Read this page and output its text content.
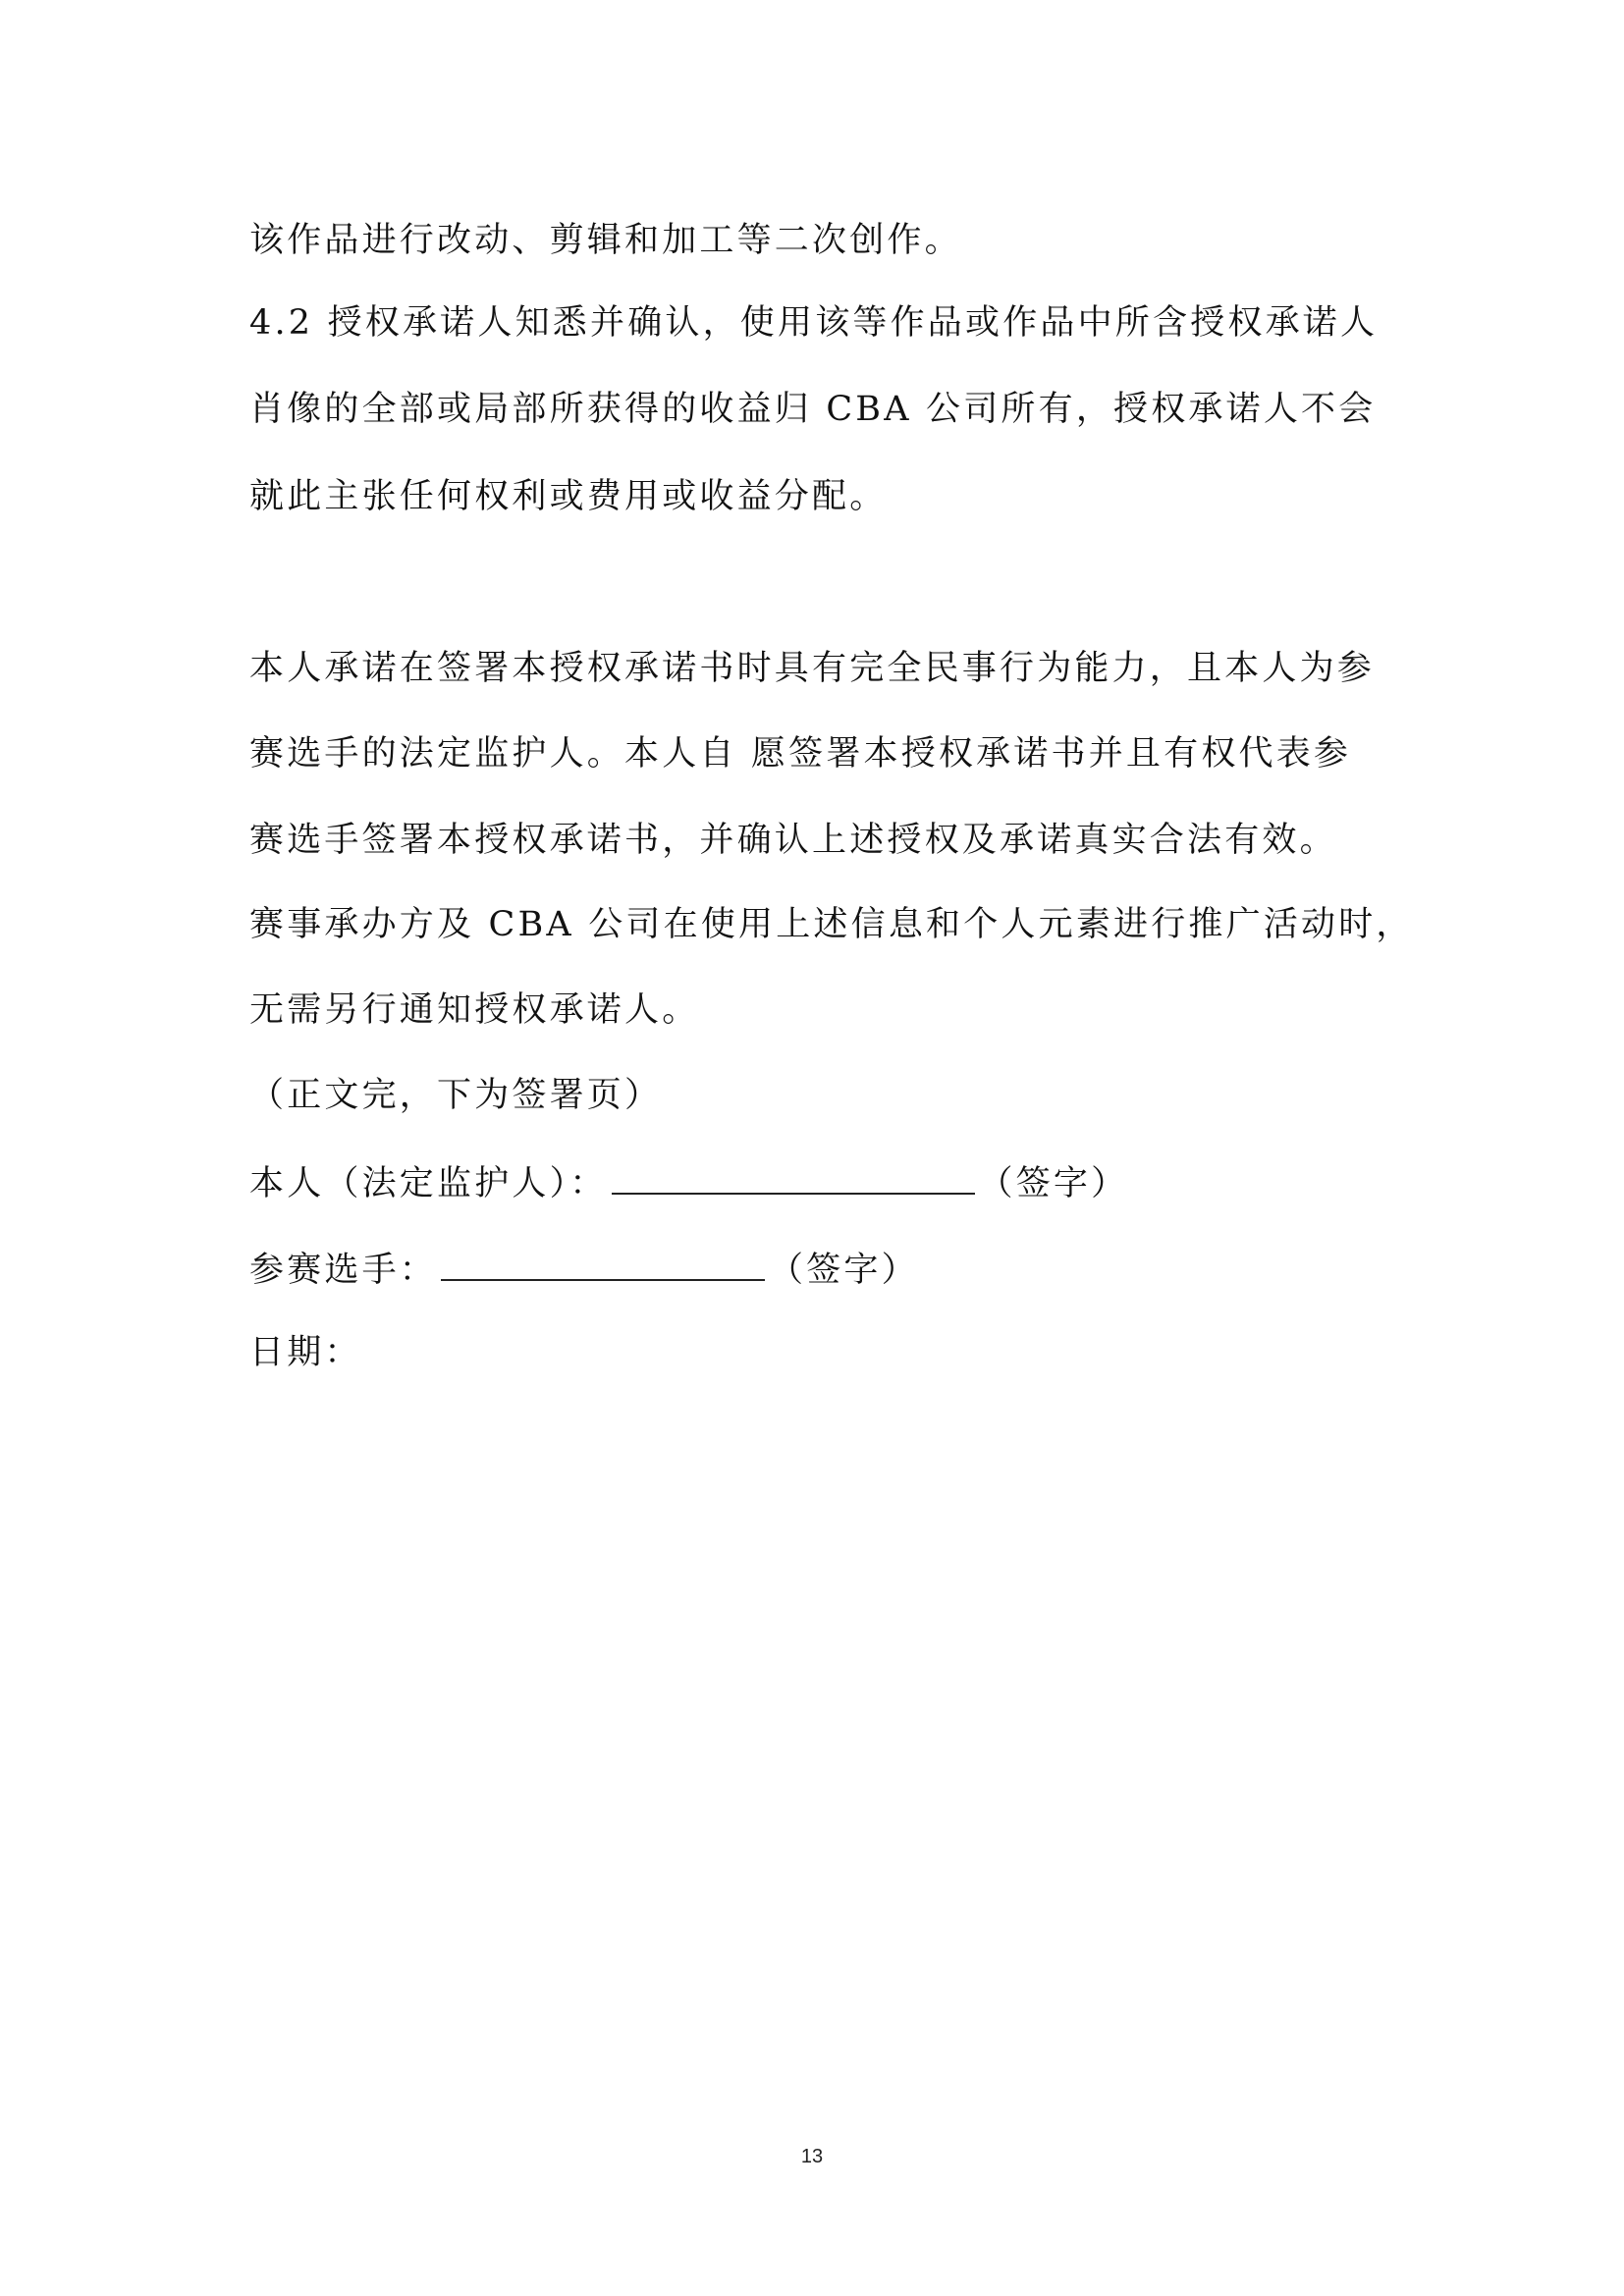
该作品进行改动、剪辑和加工等二次创作。
4.2 授权承诺人知悉并确认，使用该等作品或作品中所含授权承诺人
肖像的全部或局部所获得的收益归 CBA 公司所有，授权承诺人不会
就此主张任何权利或费用或收益分配。
本人承诺在签署本授权承诺书时具有完全民事行为能力，且本人为参
赛选手的法定监护人。本人自 愿签署本授权承诺书并且有权代表参
赛选手签署本授权承诺书，并确认上述授权及承诺真实合法有效。
赛事承办方及 CBA 公司在使用上述信息和个人元素进行推广活动时，
无需另行通知授权承诺人。
（正文完，下为签署页）
本人（法定监护人）：	（签字）
参赛选手：	（签字）
日期：
13
